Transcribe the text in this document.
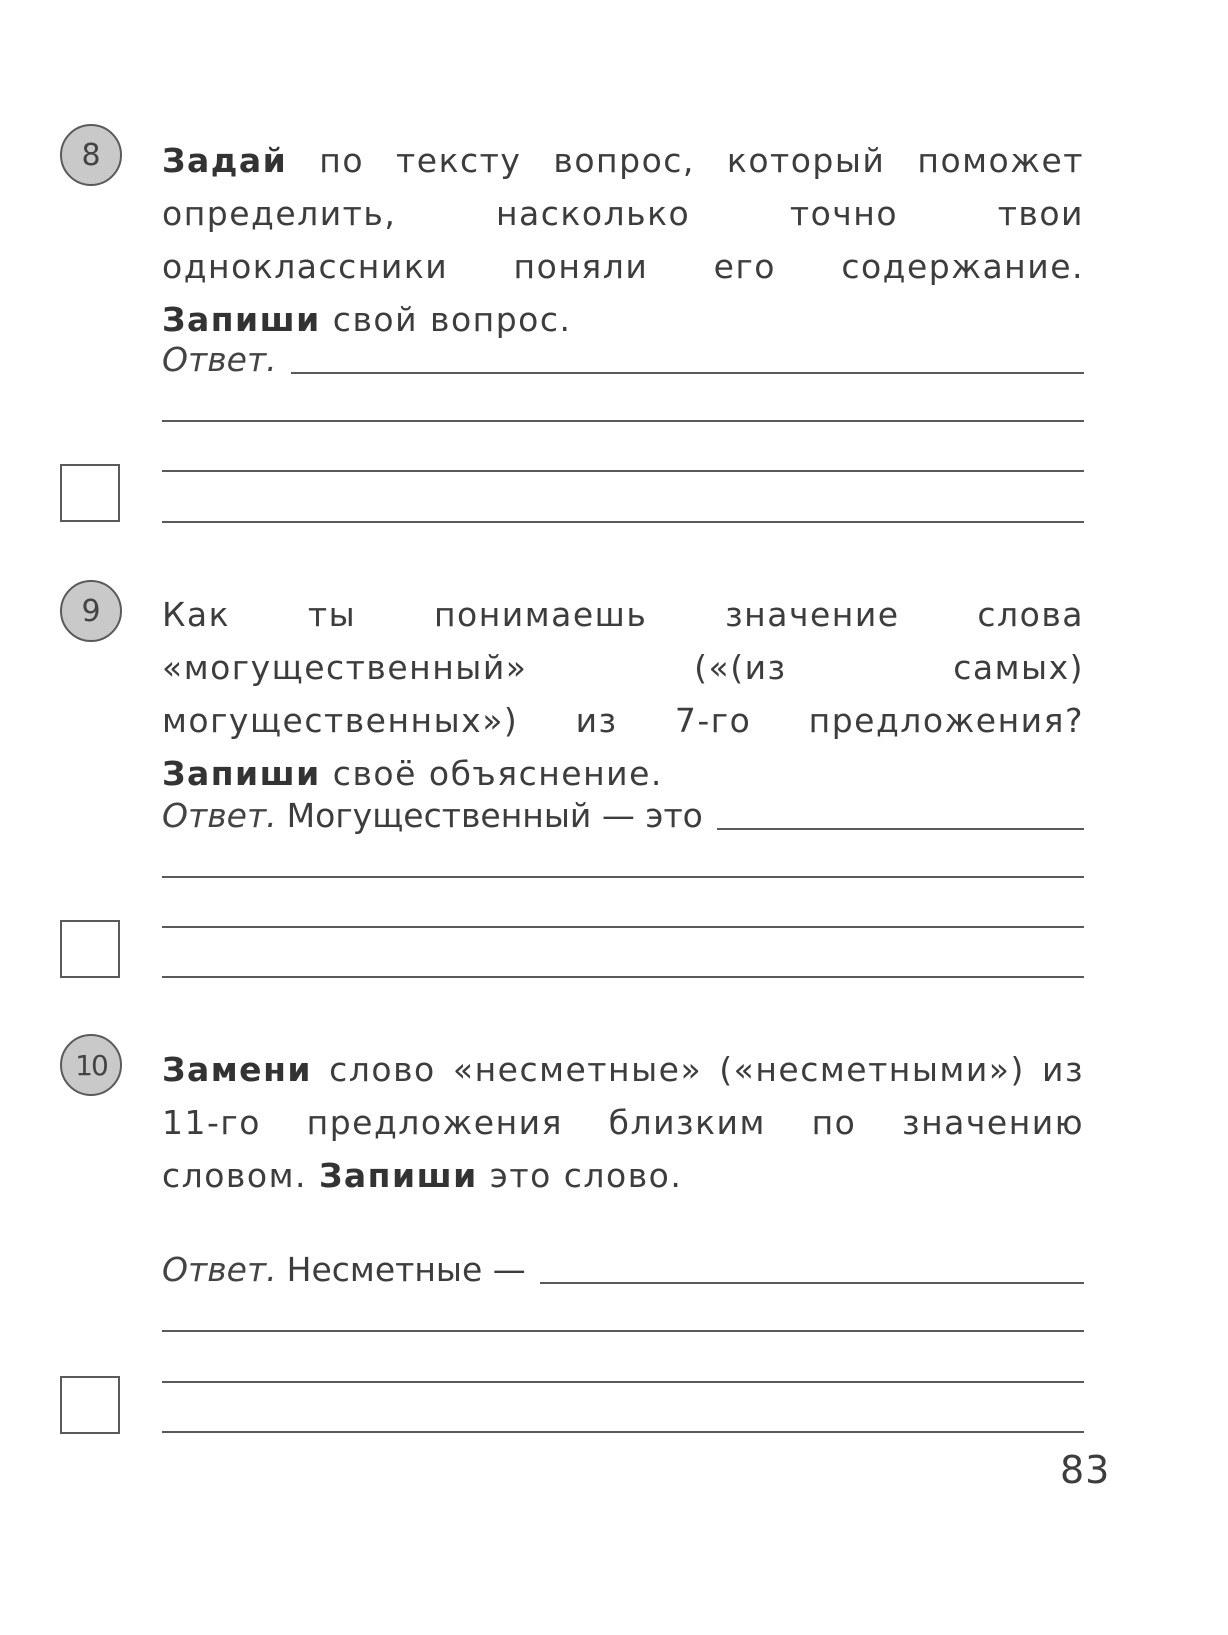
8	Задай по тексту вопрос, который поможет определить, насколько точно твои одноклассники поняли его содержание. Запиши свой вопрос.
Ответ.
9	Как ты понимаешь значение слова «могущественный» («(из самых) могущественных») из 7-го предложения? Запиши своё объяснение.
Ответ. Могущественный — это
10	Замени слово «несметные» («несметными») из 11-го предложения близким по значению словом. Запиши это слово.
Ответ. Несметные —
83
